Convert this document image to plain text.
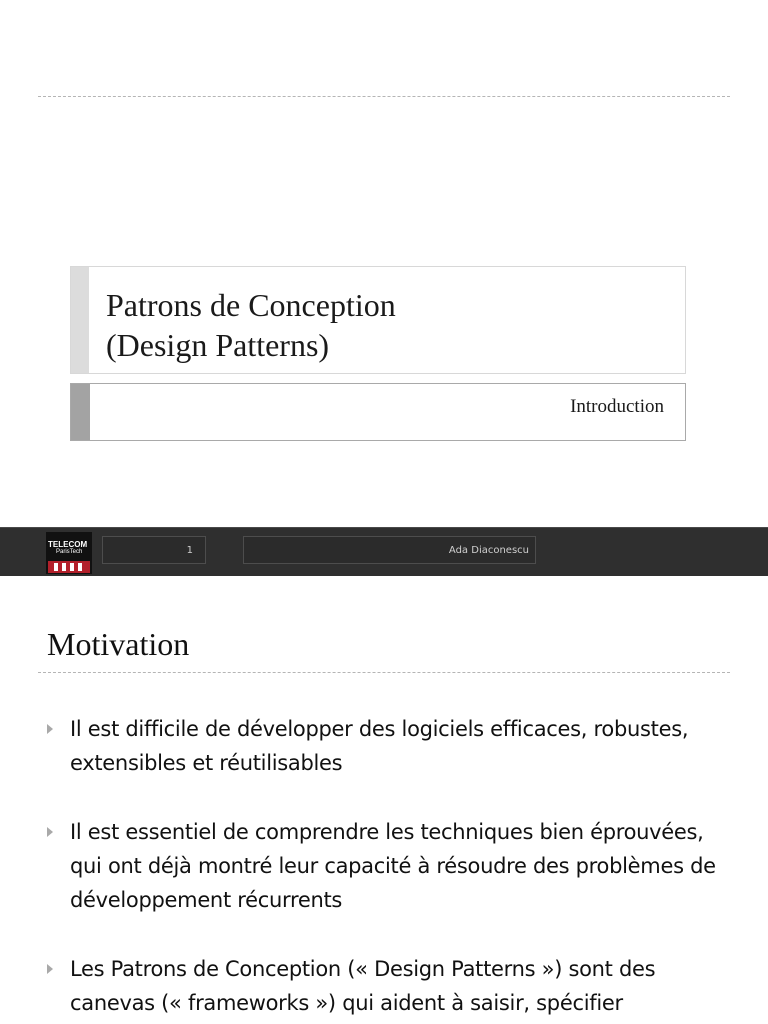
Patrons de Conception
(Design Patterns)
Introduction
TELECOM
ParisTech	1	Ada Diaconescu
Motivation
Il est difficile de développer des logiciels efficaces, robustes, extensibles et réutilisables
Il est essentiel de comprendre les techniques bien éprouvées, qui ont déjà montré leur capacité à résoudre des problèmes de développement récurrents
Les Patrons de Conception (« Design Patterns ») sont des canevas (« frameworks ») qui aident à saisir, spécifier
